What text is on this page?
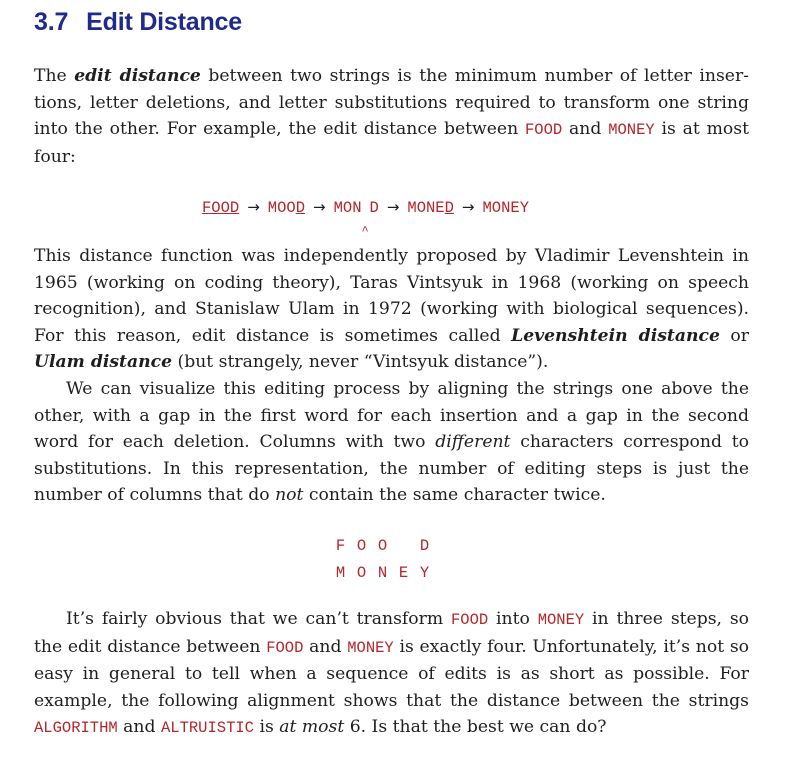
3.7 Edit Distance

The edit distance between two strings is the minimum number of letter inser-tions, letter deletions, and letter substitutions required to transform one string into the other. For example, the edit distance between FOOD and MONEY is at most four:

FOOD → MOOD → MON D → MONED → MONEY

This distance function was independently proposed by Vladimir Levenshtein in 1965 (working on coding theory), Taras Vintsyuk in 1968 (working on speech recognition), and Stanislaw Ulam in 1972 (working with biological sequences). For this reason, edit distance is sometimes called Levenshtein distance or Ulam distance (but strangely, never “Vintsyuk distance”).
We can visualize this editing process by aligning the strings one above the other, with a gap in the first word for each insertion and a gap in the second word for each deletion. Columns with two different characters correspond to substitutions. In this representation, the number of editing steps is just the number of columns that do not contain the same character twice.

F O O D
M O N E Y

It’s fairly obvious that we can’t transform FOOD into MONEY in three steps, so the edit distance between FOOD and MONEY is exactly four. Unfortunately, it’s not so easy in general to tell when a sequence of edits is as short as possible. For example, the following alignment shows that the distance between the strings ALGORITHM and ALTRUISTIC is at most 6. Is that the best we can do?
